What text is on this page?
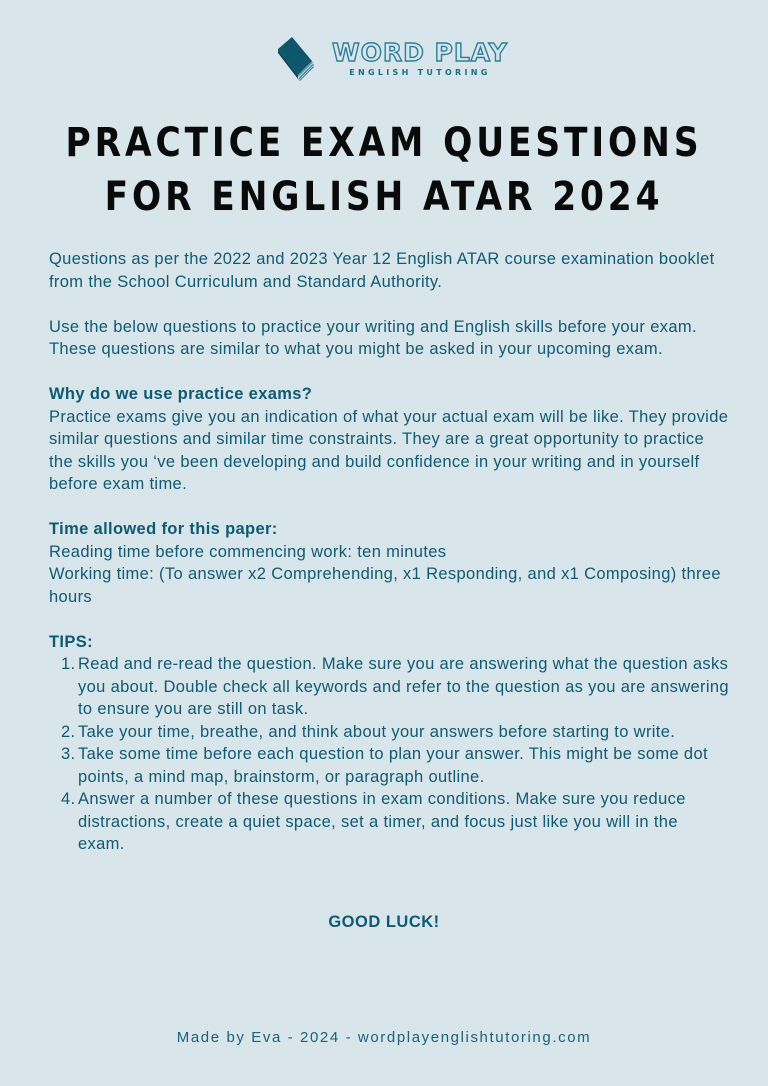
WORD PLAY
ENGLISH TUTORING
PRACTICE EXAM QUESTIONS
FOR ENGLISH ATAR 2024

Questions as per the 2022 and 2023 Year 12 English ATAR course examination booklet from the School Curriculum and Standard Authority.

Use the below questions to practice your writing and English skills before your exam. These questions are similar to what you might be asked in your upcoming exam.

Why do we use practice exams?

Practice exams give you an indication of what your actual exam will be like. They provide similar questions and similar time constraints. They are a great opportunity to practice the skills you ‘ve been developing and build confidence in your writing and in yourself before exam time.

Time allowed for this paper:

Reading time before commencing work: ten minutes

Working time: (To answer x2 Comprehending, x1 Responding, and x1 Composing) three hours

TIPS:

1. Read and re-read the question. Make sure you are answering what the question asks you about. Double check all keywords and refer to the question as you are answering to ensure you are still on task.
2. Take your time, breathe, and think about your answers before starting to write.
3. Take some time before each question to plan your answer. This might be some dot points, a mind map, brainstorm, or paragraph outline.
4. Answer a number of these questions in exam conditions. Make sure you reduce distractions, create a quiet space, set a timer, and focus just like you will in the exam.
GOOD LUCK!
Made by Eva - 2024 - wordplayenglishtutoring.com
